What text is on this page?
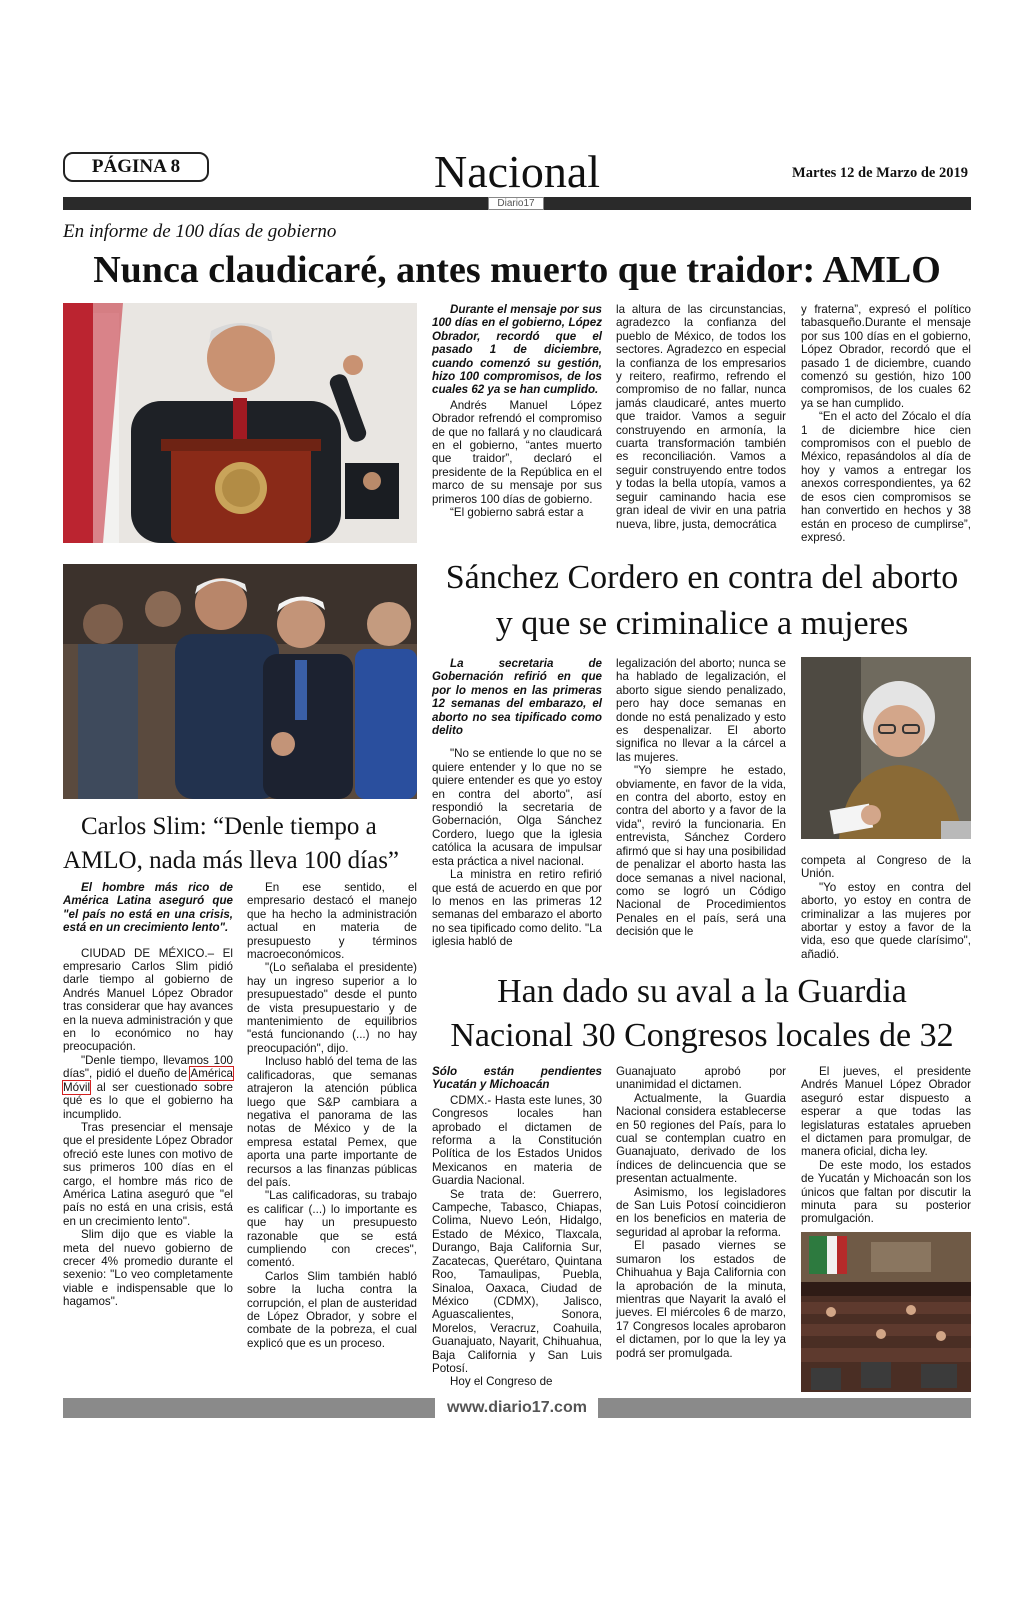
PÁGINA 8	Nacional	Martes 12 de Marzo de 2019
Diario17
En informe de 100 días de gobierno
Nunca claudicaré, antes muerto que traidor: AMLO

Durante el mensaje por sus 100 días en el gobierno, López Obrador, recordó que el pasado 1 de diciembre, cuando comenzó su gestión, hizo 100 compromisos, de los cuales 62 ya se han cumplido.

Andrés Manuel López Obrador refrendó el compromiso de que no fallará y no claudicará en el gobierno, “antes muerto que traidor”, declaró el presidente de la República en el marco de su mensaje por sus primeros 100 días de gobierno.

“El gobierno sabrá estar a

la altura de las circunstancias, agradezco la confianza del pueblo de México, de todos los sectores. Agradezco en especial la confianza de los empresarios y reitero, reafirmo, refrendo el compromiso de no fallar, nunca jamás claudicaré, antes muerto que traidor. Vamos a seguir construyendo en armonía, la cuarta transformación también es reconciliación. Vamos a seguir construyendo entre todos y todas la bella utopía, vamos a seguir caminando hacia ese gran ideal de vivir en una patria nueva, libre, justa, democrática

y fraterna”, expresó el político tabasqueño.Durante el mensaje por sus 100 días en el gobierno, López Obrador, recordó que el pasado 1 de diciembre, cuando comenzó su gestión, hizo 100 compromisos, de los cuales 62 ya se han cumplido.

“En el acto del Zócalo el día 1 de diciembre hice cien compromisos con el pueblo de México, repasándolos al día de hoy y vamos a entregar los anexos correspondientes, ya 62 de esos cien compromisos se han convertido en hechos y 38 están en proceso de cumplirse”, expresó.

Carlos Slim: “Denle tiempo a
AMLO, nada más lleva 100 días”

El hombre más rico de América Latina aseguró que "el país no está en una crisis, está en un crecimiento lento".

CIUDAD DE MÉXICO.– El empresario Carlos Slim pidió darle tiempo al gobierno de Andrés Manuel López Obrador tras considerar que hay avances en la nueva administración y que en lo económico no hay preocupación.

"Denle tiempo, llevamos 100 días", pidió el dueño de América Móvil al ser cuestionado sobre qué es lo que el gobierno ha incumplido.

Tras presenciar el mensaje que el presidente López Obrador ofreció este lunes con motivo de sus primeros 100 días en el cargo, el hombre más rico de América Latina aseguró que "el país no está en una crisis, está en un crecimiento lento".

Slim dijo que es viable la meta del nuevo gobierno de crecer 4% promedio durante el sexenio: "Lo veo completamente viable e indispensable que lo hagamos".

En ese sentido, el empresario destacó el manejo que ha hecho la administración actual en materia de presupuesto y términos macroeconómicos.

"(Lo señalaba el presidente) hay un ingreso superior a lo presupuestado" desde el punto de vista presupuestario y de mantenimiento de equilibrios "está funcionando (...) no hay preocupación", dijo.

Incluso habló del tema de las calificadoras, que semanas atrajeron la atención pública luego que S&P cambiara a negativa el panorama de las notas de México y de la empresa estatal Pemex, que aporta una parte importante de recursos a las finanzas públicas del país.

"Las calificadoras, su trabajo es calificar (...) lo importante es que hay un presupuesto razonable que se está cumpliendo con creces", comentó.

Carlos Slim también habló sobre la lucha contra la corrupción, el plan de austeridad de López Obrador, y sobre el combate de la pobreza, el cual explicó que es un proceso.

Sánchez Cordero en contra del aborto
y que se criminalice a mujeres

La secretaria de Gobernación refirió en que por lo menos en las primeras 12 semanas del embarazo, el aborto no sea tipificado como delito

"No se entiende lo que no se quiere entender y lo que no se quiere entender es que yo estoy en contra del aborto", así respondió la secretaria de Gobernación, Olga Sánchez Cordero, luego que la iglesia católica la acusara de impulsar esta práctica a nivel nacional.

La ministra en retiro refirió que está de acuerdo en que por lo menos en las primeras 12 semanas del embarazo el aborto no sea tipificado como delito. "La iglesia habló de

legalización del aborto; nunca se ha hablado de legalización, el aborto sigue siendo penalizado, pero hay doce semanas en donde no está penalizado y esto es despenalizar. El aborto significa no llevar a la cárcel a las mujeres.

"Yo siempre he estado, obviamente, en favor de la vida, en contra del aborto, estoy en contra del aborto y a favor de la vida", reviró la funcionaria. En entrevista, Sánchez Cordero afirmó que si hay una posibilidad de penalizar el aborto hasta las doce semanas a nivel nacional, como se logró un Código Nacional de Procedimientos Penales en el país, será una decisión que le

competa al Congreso de la Unión.

"Yo estoy en contra del aborto, yo estoy en contra de criminalizar a las mujeres por abortar y estoy a favor de la vida, eso que quede clarísimo", añadió.

Han dado su aval a la Guardia
Nacional 30 Congresos locales de 32

Sólo están pendientes Yucatán y Michoacán

CDMX.- Hasta este lunes, 30 Congresos locales han aprobado el dictamen de reforma a la Constitución Política de los Estados Unidos Mexicanos en materia de Guardia Nacional.

Se trata de: Guerrero, Campeche, Tabasco, Chiapas, Colima, Nuevo León, Hidalgo, Estado de México, Tlaxcala, Durango, Baja California Sur, Zacatecas, Querétaro, Quintana Roo, Tamaulipas, Puebla, Sinaloa, Oaxaca, Ciudad de México (CDMX), Jalisco, Aguascalientes, Sonora, Morelos, Veracruz, Coahuila, Guanajuato, Nayarit, Chihuahua, Baja California y San Luis Potosí.

Hoy el Congreso de

Guanajuato aprobó por unanimidad el dictamen.

Actualmente, la Guardia Nacional considera establecerse en 50 regiones del País, para lo cual se contemplan cuatro en Guanajuato, derivado de los índices de delincuencia que se presentan actualmente.

Asimismo, los legisladores de San Luis Potosí coincidieron en los beneficios en materia de seguridad al aprobar la reforma.

El pasado viernes se sumaron los estados de Chihuahua y Baja California con la aprobación de la minuta, mientras que Nayarit la avaló el jueves. El miércoles 6 de marzo, 17 Congresos locales aprobaron el dictamen, por lo que la ley ya podrá ser promulgada.

El jueves, el presidente Andrés Manuel López Obrador aseguró estar dispuesto a esperar a que todas las legislaturas estatales aprueben el dictamen para promulgar, de manera oficial, dicha ley.

De este modo, los estados de Yucatán y Michoacán son los únicos que faltan por discutir la minuta para su posterior promulgación.

www.diario17.com
